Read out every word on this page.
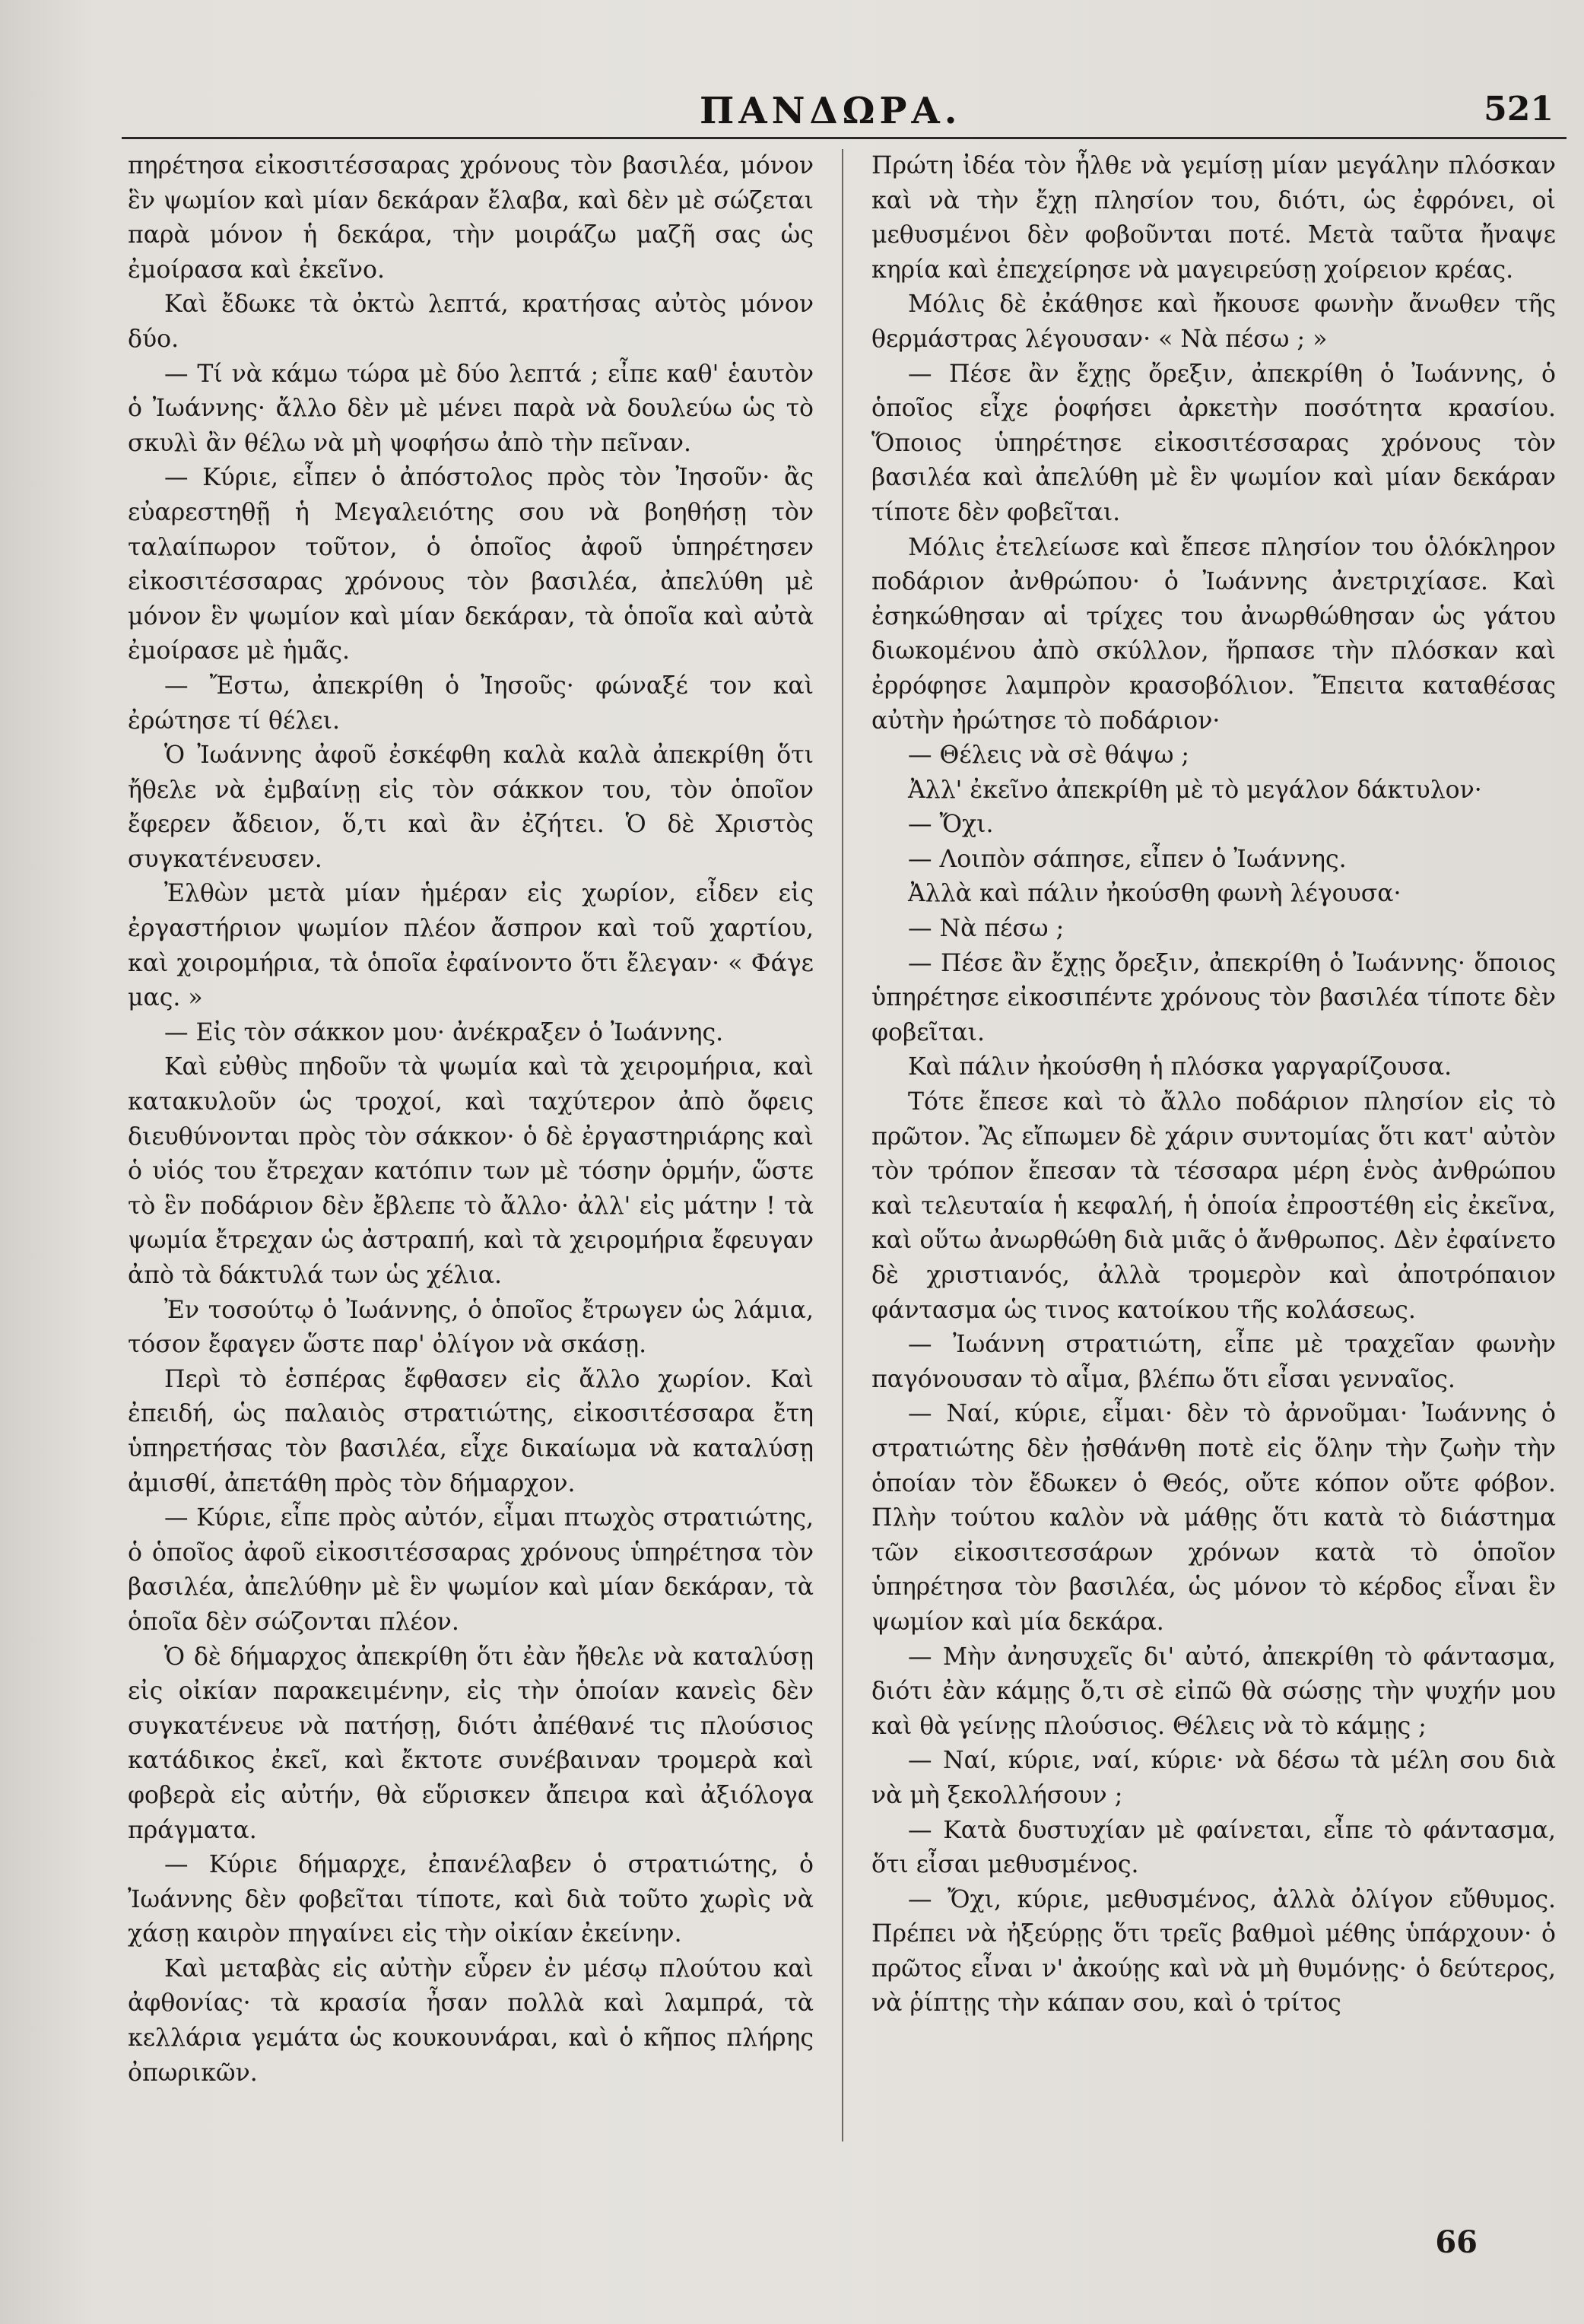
ΠΑΝΔΩΡΑ.	521

πηρέτησα εἰκοσιτέσσαρας χρόνους τὸν βασιλέα, μόνον ἓν ψωμίον καὶ μίαν δεκάραν ἔλαβα, καὶ δὲν μὲ σώζεται παρὰ μόνον ἡ δεκάρα, τὴν μοιράζω μαζῆ σας ὡς ἐμοίρασα καὶ ἐκεῖνο.

Καὶ ἔδωκε τὰ ὀκτὼ λεπτά, κρατήσας αὐτὸς μόνον δύο.

— Τί νὰ κάμω τώρα μὲ δύο λεπτά ; εἶπε καθ' ἑαυτὸν ὁ Ἰωάννης· ἄλλο δὲν μὲ μένει παρὰ νὰ δουλεύω ὡς τὸ σκυλὶ ἂν θέλω νὰ μὴ ψοφήσω ἀπὸ τὴν πεῖναν.

— Κύριε, εἶπεν ὁ ἀπόστολος πρὸς τὸν Ἰησοῦν· ἂς εὐαρεστηθῇ ἡ Μεγαλειότης σου νὰ βοηθήσῃ τὸν ταλαίπωρον τοῦτον, ὁ ὁποῖος ἀφοῦ ὑπηρέτησεν εἰκοσιτέσσαρας χρόνους τὸν βασιλέα, ἀπελύθη μὲ μόνον ἓν ψωμίον καὶ μίαν δεκάραν, τὰ ὁποῖα καὶ αὐτὰ ἐμοίρασε μὲ ἡμᾶς.

— Ἔστω, ἀπεκρίθη ὁ Ἰησοῦς· φώναξέ τον καὶ ἐρώτησε τί θέλει.

Ὁ Ἰωάννης ἀφοῦ ἐσκέφθη καλὰ καλὰ ἀπεκρίθη ὅτι ἤθελε νὰ ἐμβαίνῃ εἰς τὸν σάκκον του, τὸν ὁποῖον ἔφερεν ἄδειον, ὅ,τι καὶ ἂν ἐζήτει. Ὁ δὲ Χριστὸς συγκατένευσεν.

Ἐλθὼν μετὰ μίαν ἡμέραν εἰς χωρίον, εἶδεν εἰς ἐργαστήριον ψωμίον πλέον ἄσπρον καὶ τοῦ χαρτίου, καὶ χοιρομήρια, τὰ ὁποῖα ἐφαίνοντο ὅτι ἔλεγαν· « Φάγε μας. »

— Εἰς τὸν σάκκον μου· ἀνέκραξεν ὁ Ἰωάννης.

Καὶ εὐθὺς πηδοῦν τὰ ψωμία καὶ τὰ χειρομήρια, καὶ κατακυλοῦν ὡς τροχοί, καὶ ταχύτερον ἀπὸ ὄφεις διευθύνονται πρὸς τὸν σάκκον· ὁ δὲ ἐργαστηριάρης καὶ ὁ υἱός του ἔτρεχαν κατόπιν των μὲ τόσην ὁρμήν, ὥστε τὸ ἓν ποδάριον δὲν ἔβλεπε τὸ ἄλλο· ἀλλ' εἰς μάτην ! τὰ ψωμία ἔτρεχαν ὡς ἀστραπή, καὶ τὰ χειρομήρια ἔφευγαν ἀπὸ τὰ δάκτυλά των ὡς χέλια.

Ἐν τοσούτῳ ὁ Ἰωάννης, ὁ ὁποῖος ἔτρωγεν ὡς λάμια, τόσον ἔφαγεν ὥστε παρ' ὀλίγον νὰ σκάσῃ.

Περὶ τὸ ἑσπέρας ἔφθασεν εἰς ἄλλο χωρίον. Καὶ ἐπειδή, ὡς παλαιὸς στρατιώτης, εἰκοσιτέσσαρα ἔτη ὑπηρετήσας τὸν βασιλέα, εἶχε δικαίωμα νὰ καταλύσῃ ἀμισθί, ἀπετάθη πρὸς τὸν δήμαρχον.

— Κύριε, εἶπε πρὸς αὐτόν, εἶμαι πτωχὸς στρατιώτης, ὁ ὁποῖος ἀφοῦ εἰκοσιτέσσαρας χρόνους ὑπηρέτησα τὸν βασιλέα, ἀπελύθην μὲ ἓν ψωμίον καὶ μίαν δεκάραν, τὰ ὁποῖα δὲν σώζονται πλέον.

Ὁ δὲ δήμαρχος ἀπεκρίθη ὅτι ἐὰν ἤθελε νὰ καταλύσῃ εἰς οἰκίαν παρακειμένην, εἰς τὴν ὁποίαν κανεὶς δὲν συγκατένευε νὰ πατήσῃ, διότι ἀπέθανέ τις πλούσιος κατάδικος ἐκεῖ, καὶ ἔκτοτε συνέβαιναν τρομερὰ καὶ φοβερὰ εἰς αὐτήν, θὰ εὕρισκεν ἄπειρα καὶ ἀξιόλογα πράγματα.

— Κύριε δήμαρχε, ἐπανέλαβεν ὁ στρατιώτης, ὁ Ἰωάννης δὲν φοβεῖται τίποτε, καὶ διὰ τοῦτο χωρὶς νὰ χάσῃ καιρὸν πηγαίνει εἰς τὴν οἰκίαν ἐκείνην.

Καὶ μεταβὰς εἰς αὐτὴν εὗρεν ἐν μέσῳ πλούτου καὶ ἀφθονίας· τὰ κρασία ἦσαν πολλὰ καὶ λαμπρά, τὰ κελλάρια γεμάτα ὡς κουκουνάραι, καὶ ὁ κῆπος πλήρης ὀπωρικῶν.

Πρώτη ἰδέα τὸν ἦλθε νὰ γεμίσῃ μίαν μεγάλην πλόσκαν καὶ νὰ τὴν ἔχῃ πλησίον του, διότι, ὡς ἐφρόνει, οἱ μεθυσμένοι δὲν φοβοῦνται ποτέ. Μετὰ ταῦτα ἤναψε κηρία καὶ ἐπεχείρησε νὰ μαγειρεύσῃ χοίρειον κρέας.

Μόλις δὲ ἐκάθησε καὶ ἤκουσε φωνὴν ἄνωθεν τῆς θερμάστρας λέγουσαν· « Νὰ πέσω ; »

— Πέσε ἂν ἔχῃς ὄρεξιν, ἀπεκρίθη ὁ Ἰωάννης, ὁ ὁποῖος εἶχε ῥοφήσει ἀρκετὴν ποσότητα κρασίου. Ὅποιος ὑπηρέτησε εἰκοσιτέσσαρας χρόνους τὸν βασιλέα καὶ ἀπελύθη μὲ ἓν ψωμίον καὶ μίαν δεκάραν τίποτε δὲν φοβεῖται.

Μόλις ἐτελείωσε καὶ ἔπεσε πλησίον του ὁλόκληρον ποδάριον ἀνθρώπου· ὁ Ἰωάννης ἀνετριχίασε. Καὶ ἐσηκώθησαν αἱ τρίχες του ἀνωρθώθησαν ὡς γάτου διωκομένου ἀπὸ σκύλλον, ἥρπασε τὴν πλόσκαν καὶ ἐρρόφησε λαμπρὸν κρασοβόλιον. Ἔπειτα καταθέσας αὐτὴν ἠρώτησε τὸ ποδάριον·

— Θέλεις νὰ σὲ θάψω ;

Ἀλλ' ἐκεῖνο ἀπεκρίθη μὲ τὸ μεγάλον δάκτυλον·

— Ὄχι.

— Λοιπὸν σάπησε, εἶπεν ὁ Ἰωάννης.

Ἀλλὰ καὶ πάλιν ἠκούσθη φωνὴ λέγουσα·

— Νὰ πέσω ;

— Πέσε ἂν ἔχῃς ὄρεξιν, ἀπεκρίθη ὁ Ἰωάννης· ὅποιος ὑπηρέτησε εἰκοσιπέντε χρόνους τὸν βασιλέα τίποτε δὲν φοβεῖται.

Καὶ πάλιν ἠκούσθη ἡ πλόσκα γαργαρίζουσα.

Τότε ἔπεσε καὶ τὸ ἄλλο ποδάριον πλησίον εἰς τὸ πρῶτον. Ἂς εἴπωμεν δὲ χάριν συντομίας ὅτι κατ' αὐτὸν τὸν τρόπον ἔπεσαν τὰ τέσσαρα μέρη ἑνὸς ἀνθρώπου καὶ τελευταία ἡ κεφαλή, ἡ ὁποία ἐπροστέθη εἰς ἐκεῖνα, καὶ οὕτω ἀνωρθώθη διὰ μιᾶς ὁ ἄνθρωπος. Δὲν ἐφαίνετο δὲ χριστιανός, ἀλλὰ τρομερὸν καὶ ἀποτρόπαιον φάντασμα ὡς τινος κατοίκου τῆς κολάσεως.

— Ἰωάννη στρατιώτη, εἶπε μὲ τραχεῖαν φωνὴν παγόνουσαν τὸ αἷμα, βλέπω ὅτι εἶσαι γενναῖος.

— Ναί, κύριε, εἶμαι· δὲν τὸ ἀρνοῦμαι· Ἰωάννης ὁ στρατιώτης δὲν ᾐσθάνθη ποτὲ εἰς ὅλην τὴν ζωὴν τὴν ὁποίαν τὸν ἔδωκεν ὁ Θεός, οὔτε κόπον οὔτε φόβον. Πλὴν τούτου καλὸν νὰ μάθῃς ὅτι κατὰ τὸ διάστημα τῶν εἰκοσιτεσσάρων χρόνων κατὰ τὸ ὁποῖον ὑπηρέτησα τὸν βασιλέα, ὡς μόνον τὸ κέρδος εἶναι ἓν ψωμίον καὶ μία δεκάρα.

— Μὴν ἀνησυχεῖς δι' αὐτό, ἀπεκρίθη τὸ φάντασμα, διότι ἐὰν κάμῃς ὅ,τι σὲ εἰπῶ θὰ σώσῃς τὴν ψυχήν μου καὶ θὰ γείνῃς πλούσιος. Θέλεις νὰ τὸ κάμῃς ;

— Ναί, κύριε, ναί, κύριε· νὰ δέσω τὰ μέλη σου διὰ νὰ μὴ ξεκολλήσουν ;

— Κατὰ δυστυχίαν μὲ φαίνεται, εἶπε τὸ φάντασμα, ὅτι εἶσαι μεθυσμένος.

— Ὄχι, κύριε, μεθυσμένος, ἀλλὰ ὀλίγον εὔθυμος. Πρέπει νὰ ἠξεύρῃς ὅτι τρεῖς βαθμοὶ μέθης ὑπάρχουν· ὁ πρῶτος εἶναι ν' ἀκούῃς καὶ νὰ μὴ θυμόνῃς· ὁ δεύτερος, νὰ ῥίπτῃς τὴν κάπαν σου, καὶ ὁ τρίτος

66
